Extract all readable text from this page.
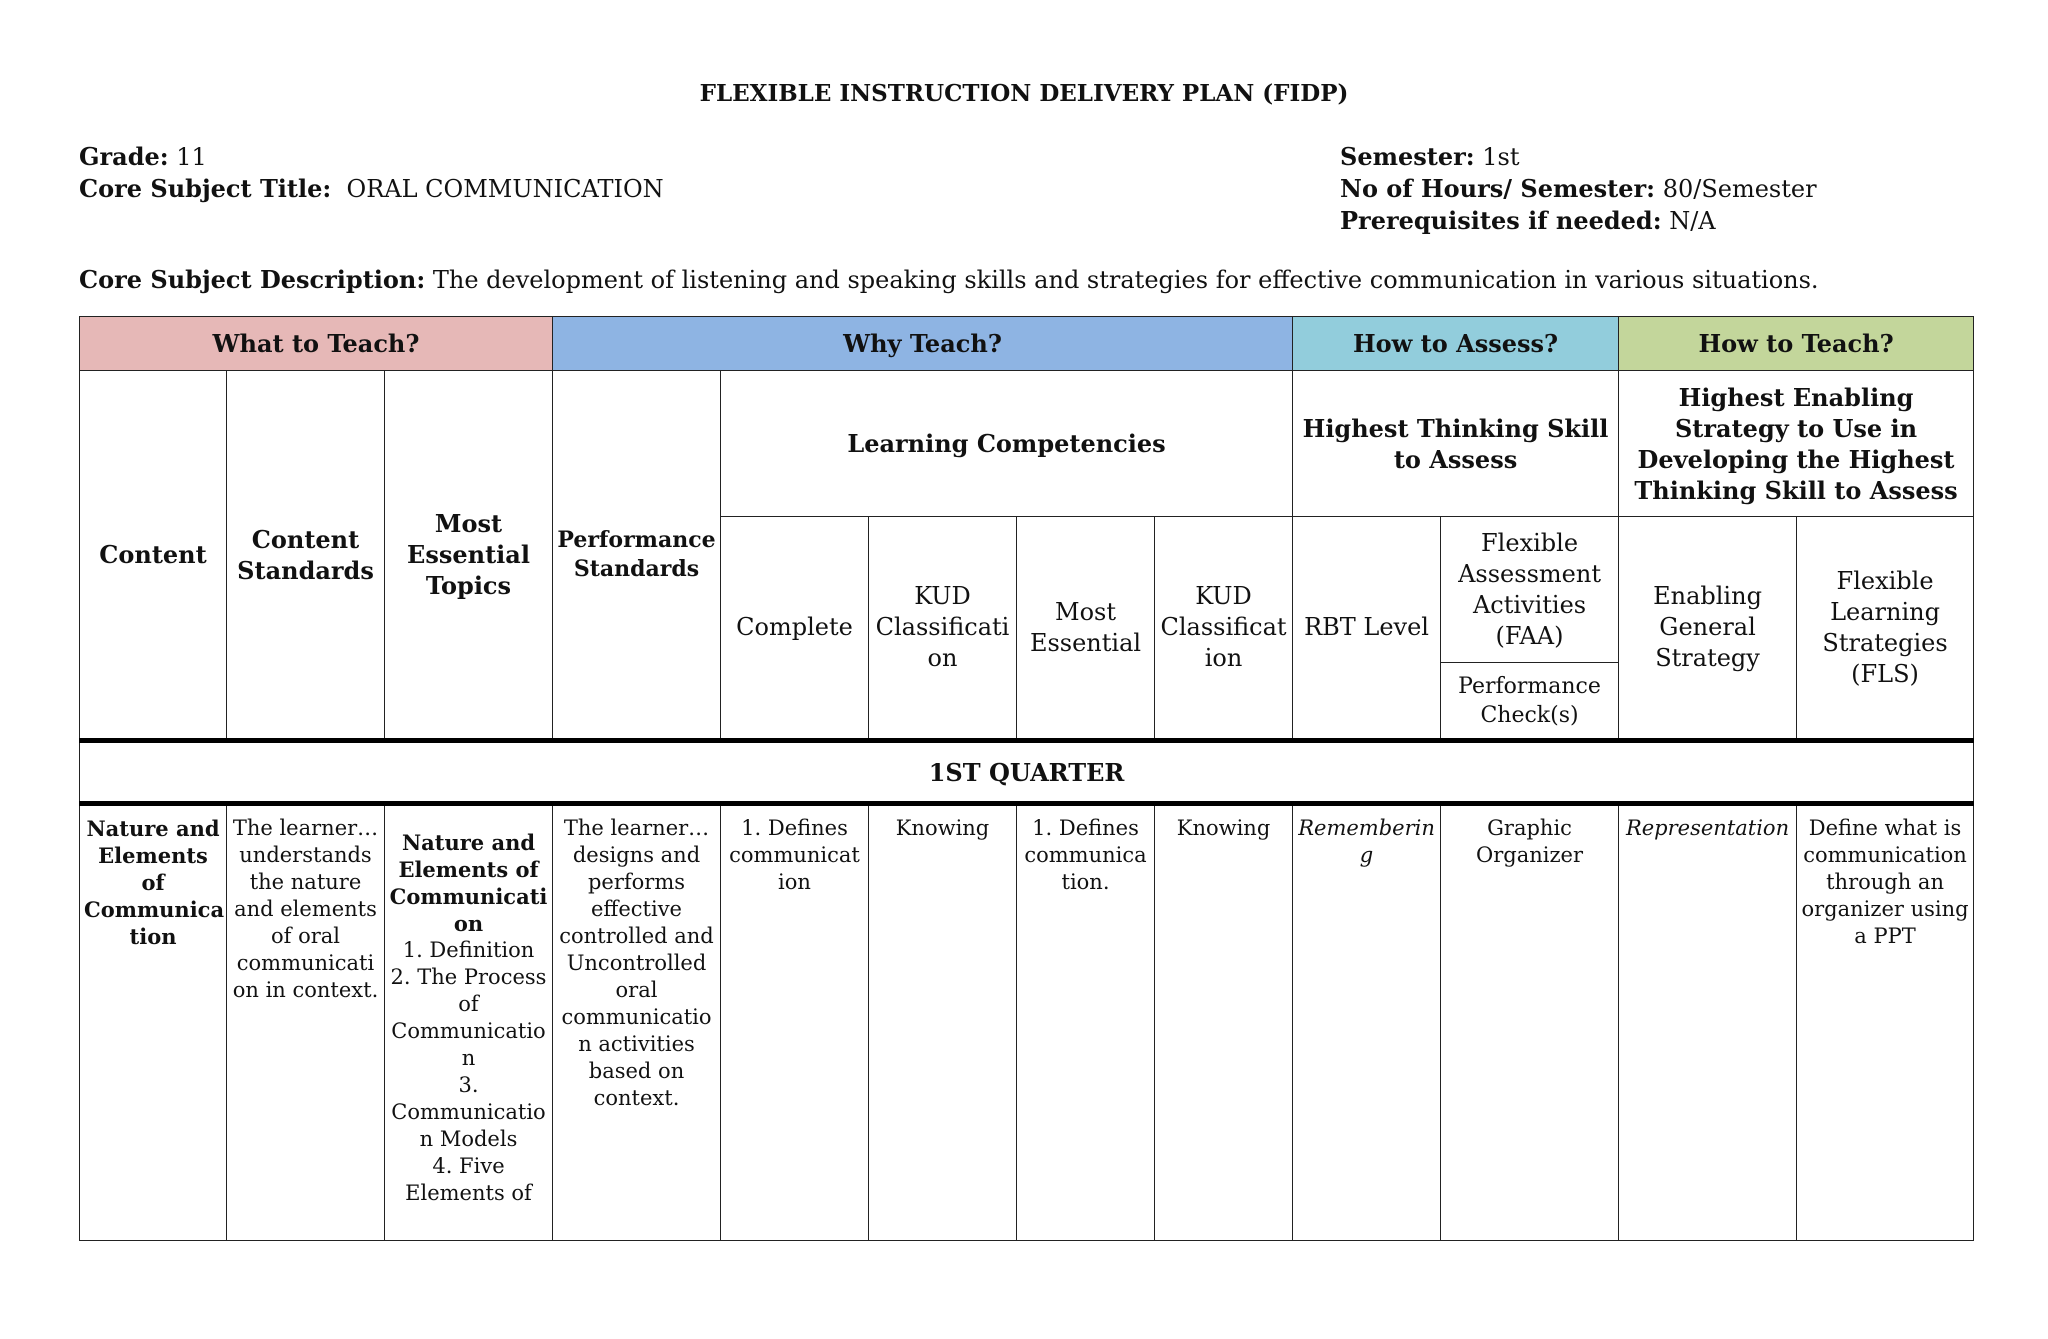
FLEXIBLE INSTRUCTION DELIVERY PLAN (FIDP)
Grade: 11
Core Subject Title: ORAL COMMUNICATION
Semester: 1st
No of Hours/ Semester: 80/Semester
Prerequisites if needed: N/A
Core Subject Description: The development of listening and speaking skills and strategies for effective communication in various situations.
What to Teach?			Why Teach?					How to Assess?		How to Teach?	
Content	Content Standards	Most Essential Topics	Performance Standards	Learning Competencies				Highest Thinking Skill to Assess		Highest Enabling Strategy to Use in Developing the Highest Thinking Skill to Assess	
				Complete	KUD Classificati on	Most Essential	KUD Classificat ion	RBT Level	Flexible Assessment Activities (FAA)	Enabling General Strategy	Flexible Learning Strategies (FLS)
									Performance Check(s)		
1ST QUARTER											
Nature and Elements of Communica tion	The learner… understands the nature and elements of oral communicati on in context.	Nature and Elements of Communicati on
1. Definition
2. The Process of Communicatio n
3. Communicatio n Models
4. Five Elements of	The learner… designs and performs effective controlled and Uncontrolled oral communicatio n activities based on context.	1. Defines communicat ion	Knowing	1. Defines communica tion.	Knowing	Rememberin g	Graphic Organizer	Representation	Define what is communication through an organizer using a PPT
